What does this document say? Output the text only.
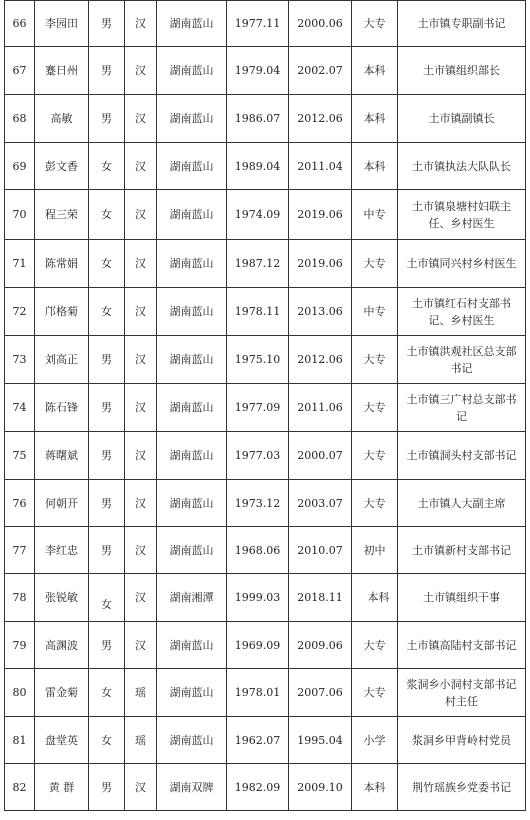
66	李园田	男	汉	湖南蓝山	1977.11	2000.06	大专	土市镇专职副书记
67	蹇日州	男	汉	湖南蓝山	1979.04	2002.07	本科	土市镇组织部长
68	高敏	男	汉	湖南蓝山	1986.07	2012.06	本科	土市镇副镇长
69	彭文香	女	汉	湖南蓝山	1989.04	2011.04	本科	土市镇执法大队队长
70	程三荣	女	汉	湖南蓝山	1974.09	2019.06	中专	土市镇泉塘村妇联主任、乡村医生
71	陈常娟	女	汉	湖南蓝山	1987.12	2019.06	大专	土市镇同兴村乡村医生
72	邝格菊	女	汉	湖南蓝山	1978.11	2013.06	中专	土市镇红石村支部书记、乡村医生
73	刘高正	男	汉	湖南蓝山	1975.10	2012.06	大专	土市镇洪观社区总支部书记
74	陈石锋	男	汉	湖南蓝山	1977.09	2011.06	大专	土市镇三广村总支部书记
75	蒋曙斌	男	汉	湖南蓝山	1977.03	2000.07	大专	土市镇洞头村支部书记
76	何朝开	男	汉	湖南蓝山	1973.12	2003.07	大专	土市镇人大副主席
77	李红忠	男	汉	湖南蓝山	1968.06	2010.07	初中	土市镇新村支部书记
78	张锐敏	女	汉	湖南湘潭	1999.03	2018.11	本科	土市镇组织干事
79	高渊波	男	汉	湖南蓝山	1969.09	2009.06	大专	土市镇高陆村支部书记
80	雷金菊	女	瑶	湖南蓝山	1978.01	2007.06	大专	浆洞乡小洞村支部书记村主任
81	盘堂英	女	瑶	湖南蓝山	1962.07	1995.04	小学	浆洞乡甲背岭村党员
82	黄 群	男	汉	湖南双牌	1982.09	2009.10	本科	荆竹瑶族乡党委书记
